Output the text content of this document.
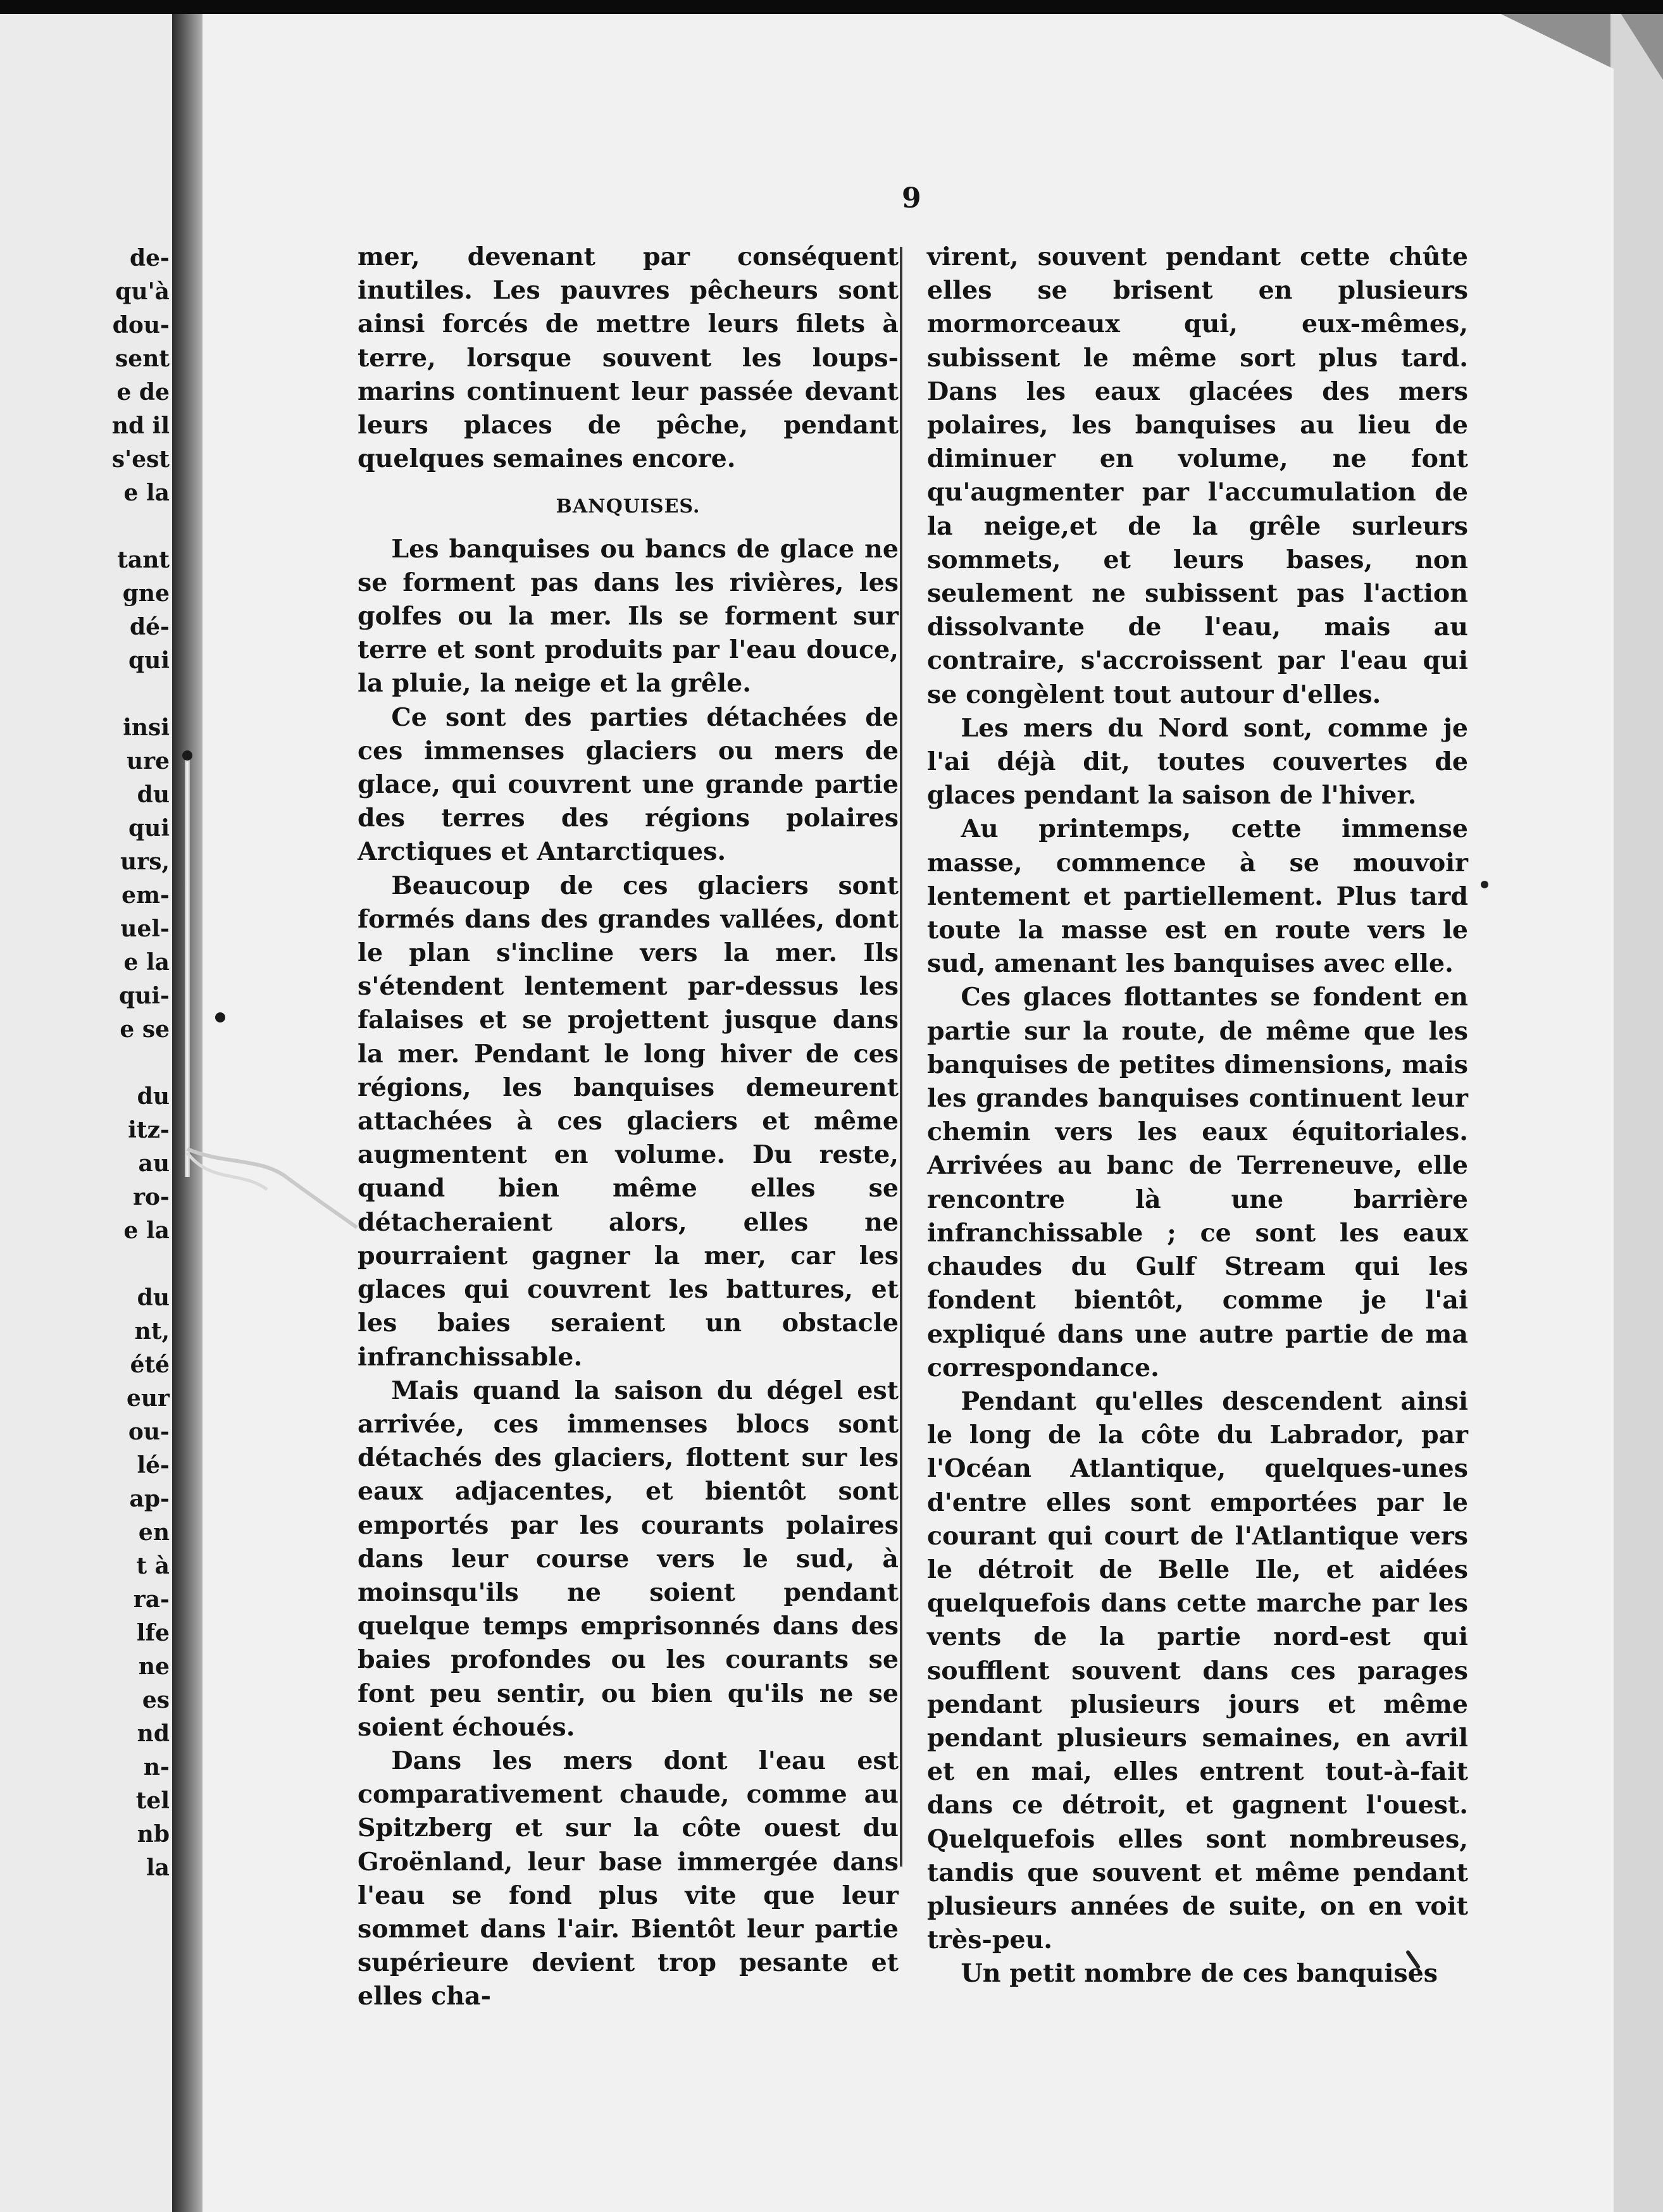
de-
qu'à
dou-
sent
e de
nd il
s'est
e la

tant
gne
dé-
qui

insi
ure
du
qui
urs,
em-
uel-
e la
qui-
e se

du
itz-
au
ro-
e la

du
nt,
été
eur
ou-
lé-
ap-
en
t à
ra-
lfe
ne
es
nd
n-
tel
nb
la
9

mer, devenant par conséquent inutiles. Les pauvres pêcheurs sont ainsi forcés de mettre leurs filets à terre, lorsque souvent les loups-marins continuent leur passée devant leurs places de pêche, pendant quelques semaines encore.

BANQUISES.

Les banquises ou bancs de glace ne se forment pas dans les rivières, les golfes ou la mer. Ils se forment sur terre et sont produits par l'eau douce, la pluie, la neige et la grêle.

Ce sont des parties détachées de ces immenses glaciers ou mers de glace, qui couvrent une grande partie des terres des régions polaires Arctiques et Antarctiques.

Beaucoup de ces glaciers sont formés dans des grandes vallées, dont le plan s'incline vers la mer. Ils s'étendent lentement par-dessus les falaises et se projettent jusque dans la mer. Pendant le long hiver de ces régions, les banquises demeurent attachées à ces glaciers et même augmentent en volume. Du reste, quand bien même elles se détacheraient alors, elles ne pourraient gagner la mer, car les glaces qui couvrent les battures, et les baies seraient un obstacle infranchissable.

Mais quand la saison du dégel est arrivée, ces immenses blocs sont détachés des glaciers, flottent sur les eaux adjacentes, et bientôt sont emportés par les courants polaires dans leur course vers le sud, à moinsqu'ils ne soient pendant quelque temps emprisonnés dans des baies profondes ou les courants se font peu sentir, ou bien qu'ils ne se soient échoués.

Dans les mers dont l'eau est comparativement chaude, comme au Spitzberg et sur la côte ouest du Groënland, leur base immergée dans l'eau se fond plus vite que leur sommet dans l'air. Bientôt leur partie supérieure devient trop pesante et elles cha-

virent, souvent pendant cette chûte elles se brisent en plusieurs mormorceaux qui, eux-mêmes, subissent le même sort plus tard. Dans les eaux glacées des mers polaires, les banquises au lieu de diminuer en volume, ne font qu'augmenter par l'accumulation de la neige,et de la grêle surleurs sommets, et leurs bases, non seulement ne subissent pas l'action dissolvante de l'eau, mais au contraire, s'accroissent par l'eau qui se congèlent tout autour d'elles.

Les mers du Nord sont, comme je l'ai déjà dit, toutes couvertes de glaces pendant la saison de l'hiver.

Au printemps, cette immense masse, commence à se mouvoir lentement et partiellement. Plus tard toute la masse est en route vers le sud, amenant les banquises avec elle.

Ces glaces flottantes se fondent en partie sur la route, de même que les banquises de petites dimensions, mais les grandes banquises continuent leur chemin vers les eaux équitoriales. Arrivées au banc de Terreneuve, elle rencontre là une barrière infranchissable ; ce sont les eaux chaudes du Gulf Stream qui les fondent bientôt, comme je l'ai expliqué dans une autre partie de ma correspondance.

Pendant qu'elles descendent ainsi le long de la côte du Labrador, par l'Océan Atlantique, quelques-unes d'entre elles sont emportées par le courant qui court de l'Atlantique vers le détroit de Belle Ile, et aidées quelquefois dans cette marche par les vents de la partie nord-est qui soufflent souvent dans ces parages pendant plusieurs jours et même pendant plusieurs semaines, en avril et en mai, elles entrent tout-à-fait dans ce détroit, et gagnent l'ouest. Quelquefois elles sont nombreuses, tandis que souvent et même pendant plusieurs années de suite, on en voit très-peu.

Un petit nombre de ces banquises
